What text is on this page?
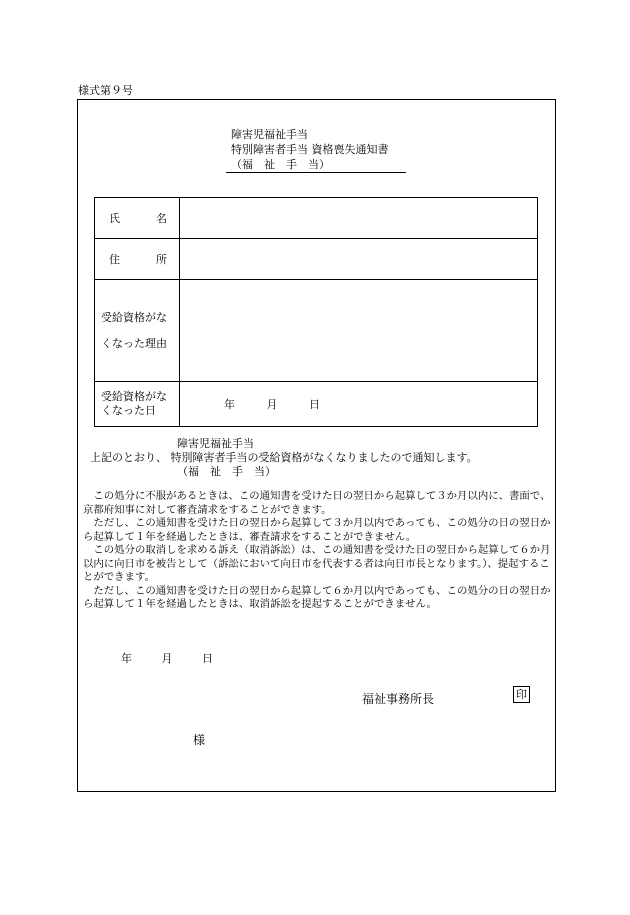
様式第９号
障害児福祉手当
特別障害者手当 資格喪失通知書
（福　祉　手　当）
氏 名	

住 所	

受給資格がな
くなった理由	

受給資格がな
くなった日	年 月 日
障害児福祉手当
上記のとおり、 特別障害者手当の受給資格がなくなりましたので通知します。
（福　祉　手　当）

　この処分に不服があるときは、この通知書を受けた日の翌日から起算して３か月以内に、書面で、京都府知事に対して審査請求をすることができます。

　ただし、この通知書を受けた日の翌日から起算して３か月以内であっても、この処分の日の翌日から起算して１年を経過したときは、審査請求をすることができません。

　この処分の取消しを求める訴え（取消訴訟）は、この通知書を受けた日の翌日から起算して６か月以内に向日市を被告として（訴訟において向日市を代表する者は向日市長となります。）、提起することができます。

　ただし、この通知書を受けた日の翌日から起算して６か月以内であっても、この処分の日の翌日から起算して１年を経過したときは、取消訴訟を提起することができません。

年	月	日
福祉事務所長	印
様
